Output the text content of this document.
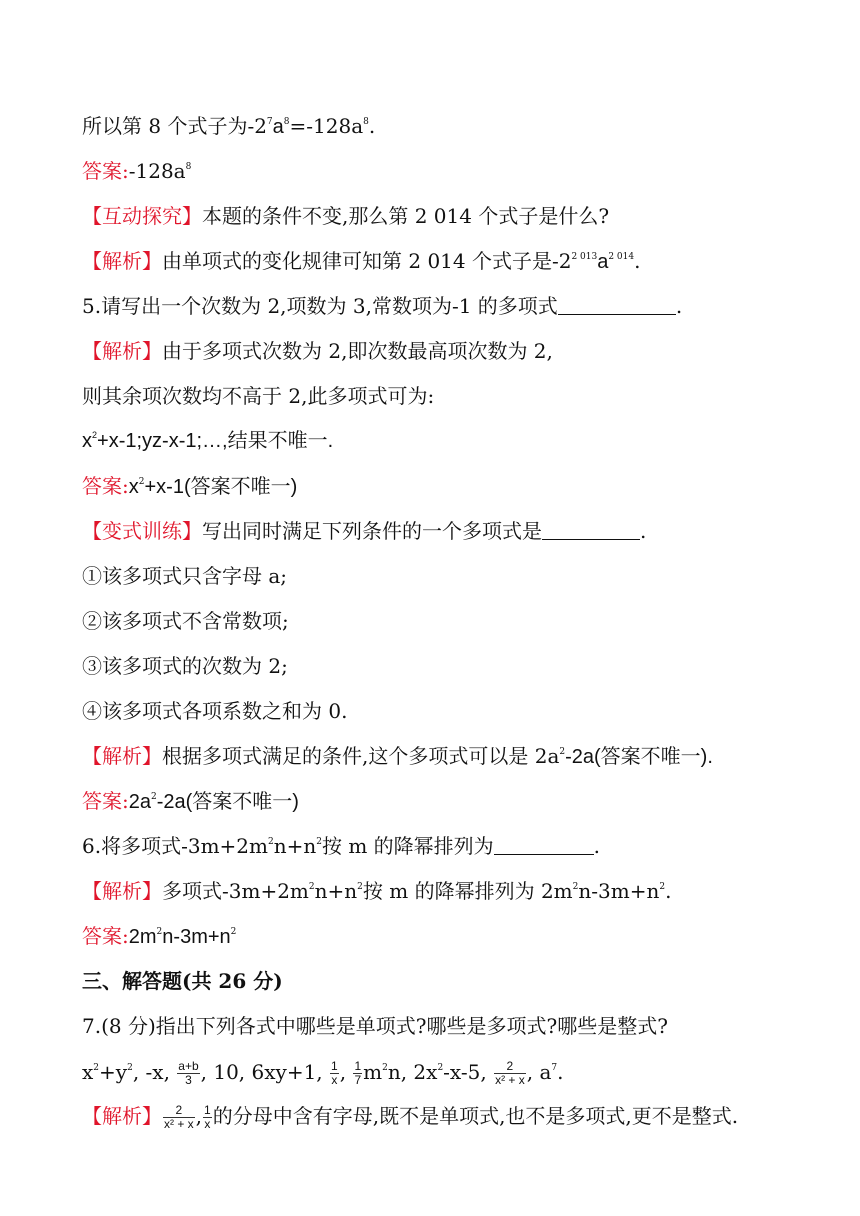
所以第 8 个式子为$-2^7a^8=-128a^8$.
答案$:-128a^8$
【互动探究】本题的条件不变,那么第 2 014 个式子是什么?
【解析】由单项式的变化规律可知第 2 014 个式子是$-2^{2 013}a^{2 014}$.
5.请写出一个次数为 2,项数为 3,常数项为-1 的多项式	.
【解析】由于多项式次数为 2,即次数最高项次数为 2,
则其余项次数均不高于 2,此多项式可为:
$x^2+x-1;yz-x-1;\dots$,结果不唯一.
答案$:x^2+x-1$(答案不唯一)
【变式训练】写出同时满足下列条件的一个多项式是	.
①该多项式只含字母 a;
②该多项式不含常数项;
③该多项式的次数为 2;
④该多项式各项系数之和为 0.
【解析】根据多项式满足的条件,这个多项式可以是 $2a^2-2a$(答案不唯一).
答案$:2a^2-2a$(答案不唯一)
6.将多项式$-3m+2m^2n+n^2$按 m 的降幂排列为	.
【解析】多项式$-3m+2m^2n+n^2$按 m 的降幂排列为 $2m^2n-3m+n^2$.
答案$:2m^2n-3m+n^2$
三、解答题(共 26 分)
7.(8 分)指出下列各式中哪些是单项式?哪些是多项式?哪些是整式?
$x^2+y^2$, -x, $\frac{a+b}{3}$ , 10, 6xy+1, $\frac{1}{x}$ , $\frac{1}{7} m^2n$, $2x^2-x-5$, $\frac{2}{\text{x² + x}}$ , $a^7$.
【解析】 $\frac{2}{\text{x² + x}}$ , $\frac{1}{x}$ 的分母中含有字母,既不是单项式,也不是多项式,更不是整式.
